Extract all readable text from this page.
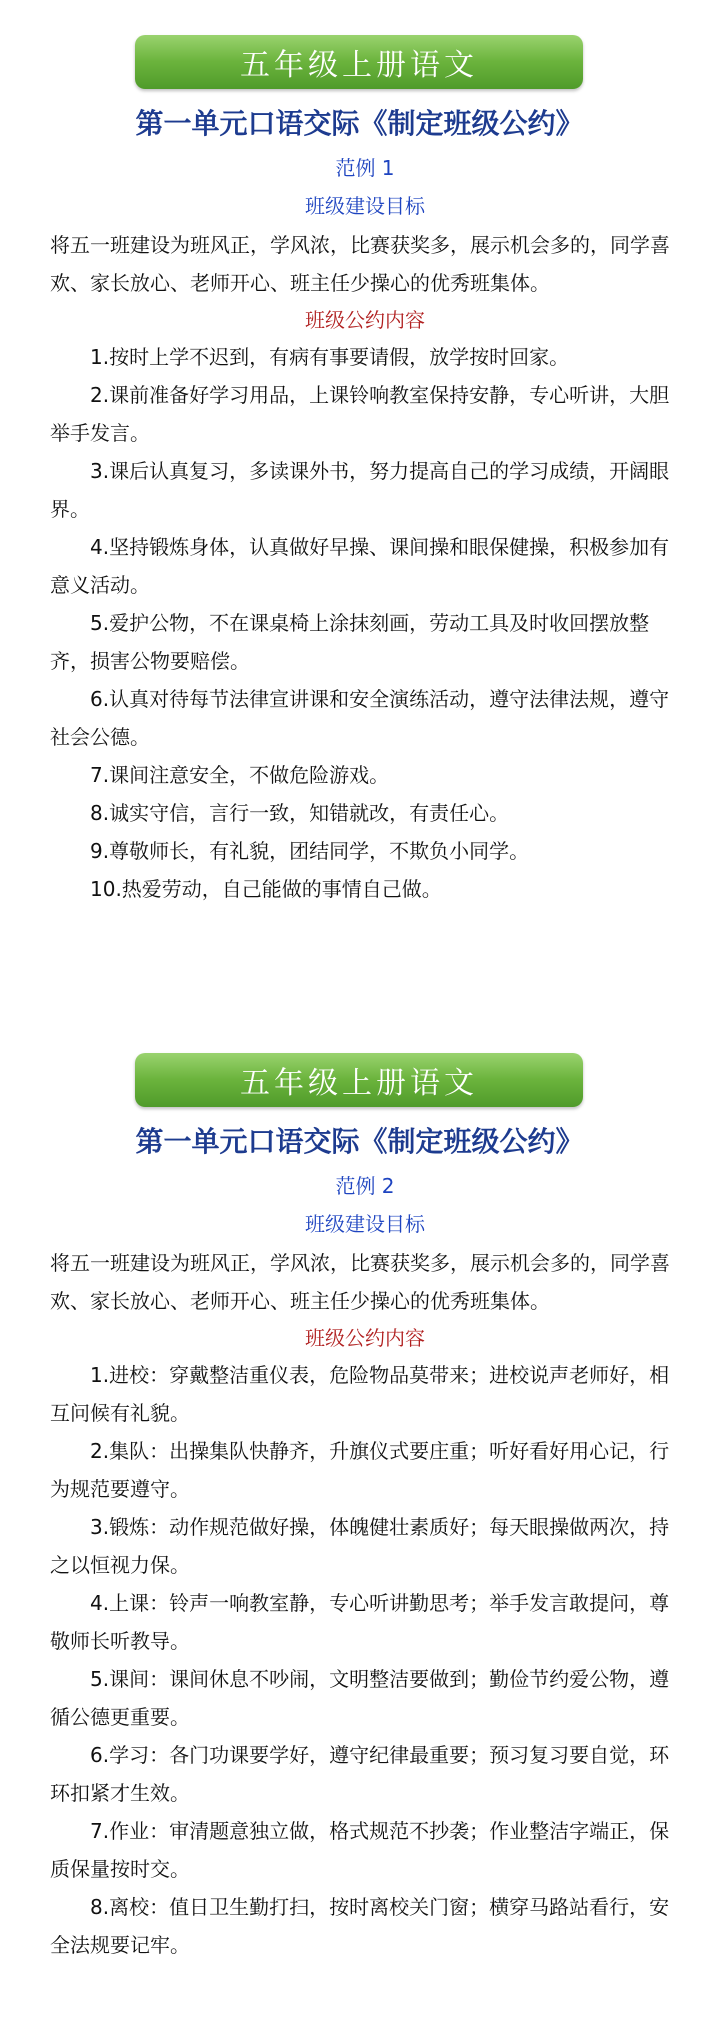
五年级上册语文
第一单元口语交际《制定班级公约》
范例 1
班级建设目标

将五一班建设为班风正，学风浓，比赛获奖多，展示机会多的，同学喜欢、家长放心、老师开心、班主任少操心的优秀班集体。

班级公约内容

1.按时上学不迟到，有病有事要请假，放学按时回家。

2.课前准备好学习用品，上课铃响教室保持安静，专心听讲，大胆举手发言。

3.课后认真复习，多读课外书，努力提高自己的学习成绩，开阔眼界。

4.坚持锻炼身体，认真做好早操、课间操和眼保健操，积极参加有意义活动。

5.爱护公物，不在课桌椅上涂抹刻画，劳动工具及时收回摆放整齐，损害公物要赔偿。

6.认真对待每节法律宣讲课和安全演练活动，遵守法律法规，遵守社会公德。

7.课间注意安全，不做危险游戏。

8.诚实守信，言行一致，知错就改，有责任心。

9.尊敬师长，有礼貌，团结同学，不欺负小同学。

10.热爱劳动，自己能做的事情自己做。

五年级上册语文
第一单元口语交际《制定班级公约》
范例 2
班级建设目标

将五一班建设为班风正，学风浓，比赛获奖多，展示机会多的，同学喜欢、家长放心、老师开心、班主任少操心的优秀班集体。

班级公约内容

1.进校：穿戴整洁重仪表，危险物品莫带来；进校说声老师好，相互问候有礼貌。

2.集队：出操集队快静齐，升旗仪式要庄重；听好看好用心记，行为规范要遵守。

3.锻炼：动作规范做好操，体魄健壮素质好；每天眼操做两次，持之以恒视力保。

4.上课：铃声一响教室静，专心听讲勤思考；举手发言敢提问，尊敬师长听教导。

5.课间：课间休息不吵闹，文明整洁要做到；勤俭节约爱公物，遵循公德更重要。

6.学习：各门功课要学好，遵守纪律最重要；预习复习要自觉，环环扣紧才生效。

7.作业：审清题意独立做，格式规范不抄袭；作业整洁字端正，保质保量按时交。

8.离校：值日卫生勤打扫，按时离校关门窗；横穿马路站看行，安全法规要记牢。
